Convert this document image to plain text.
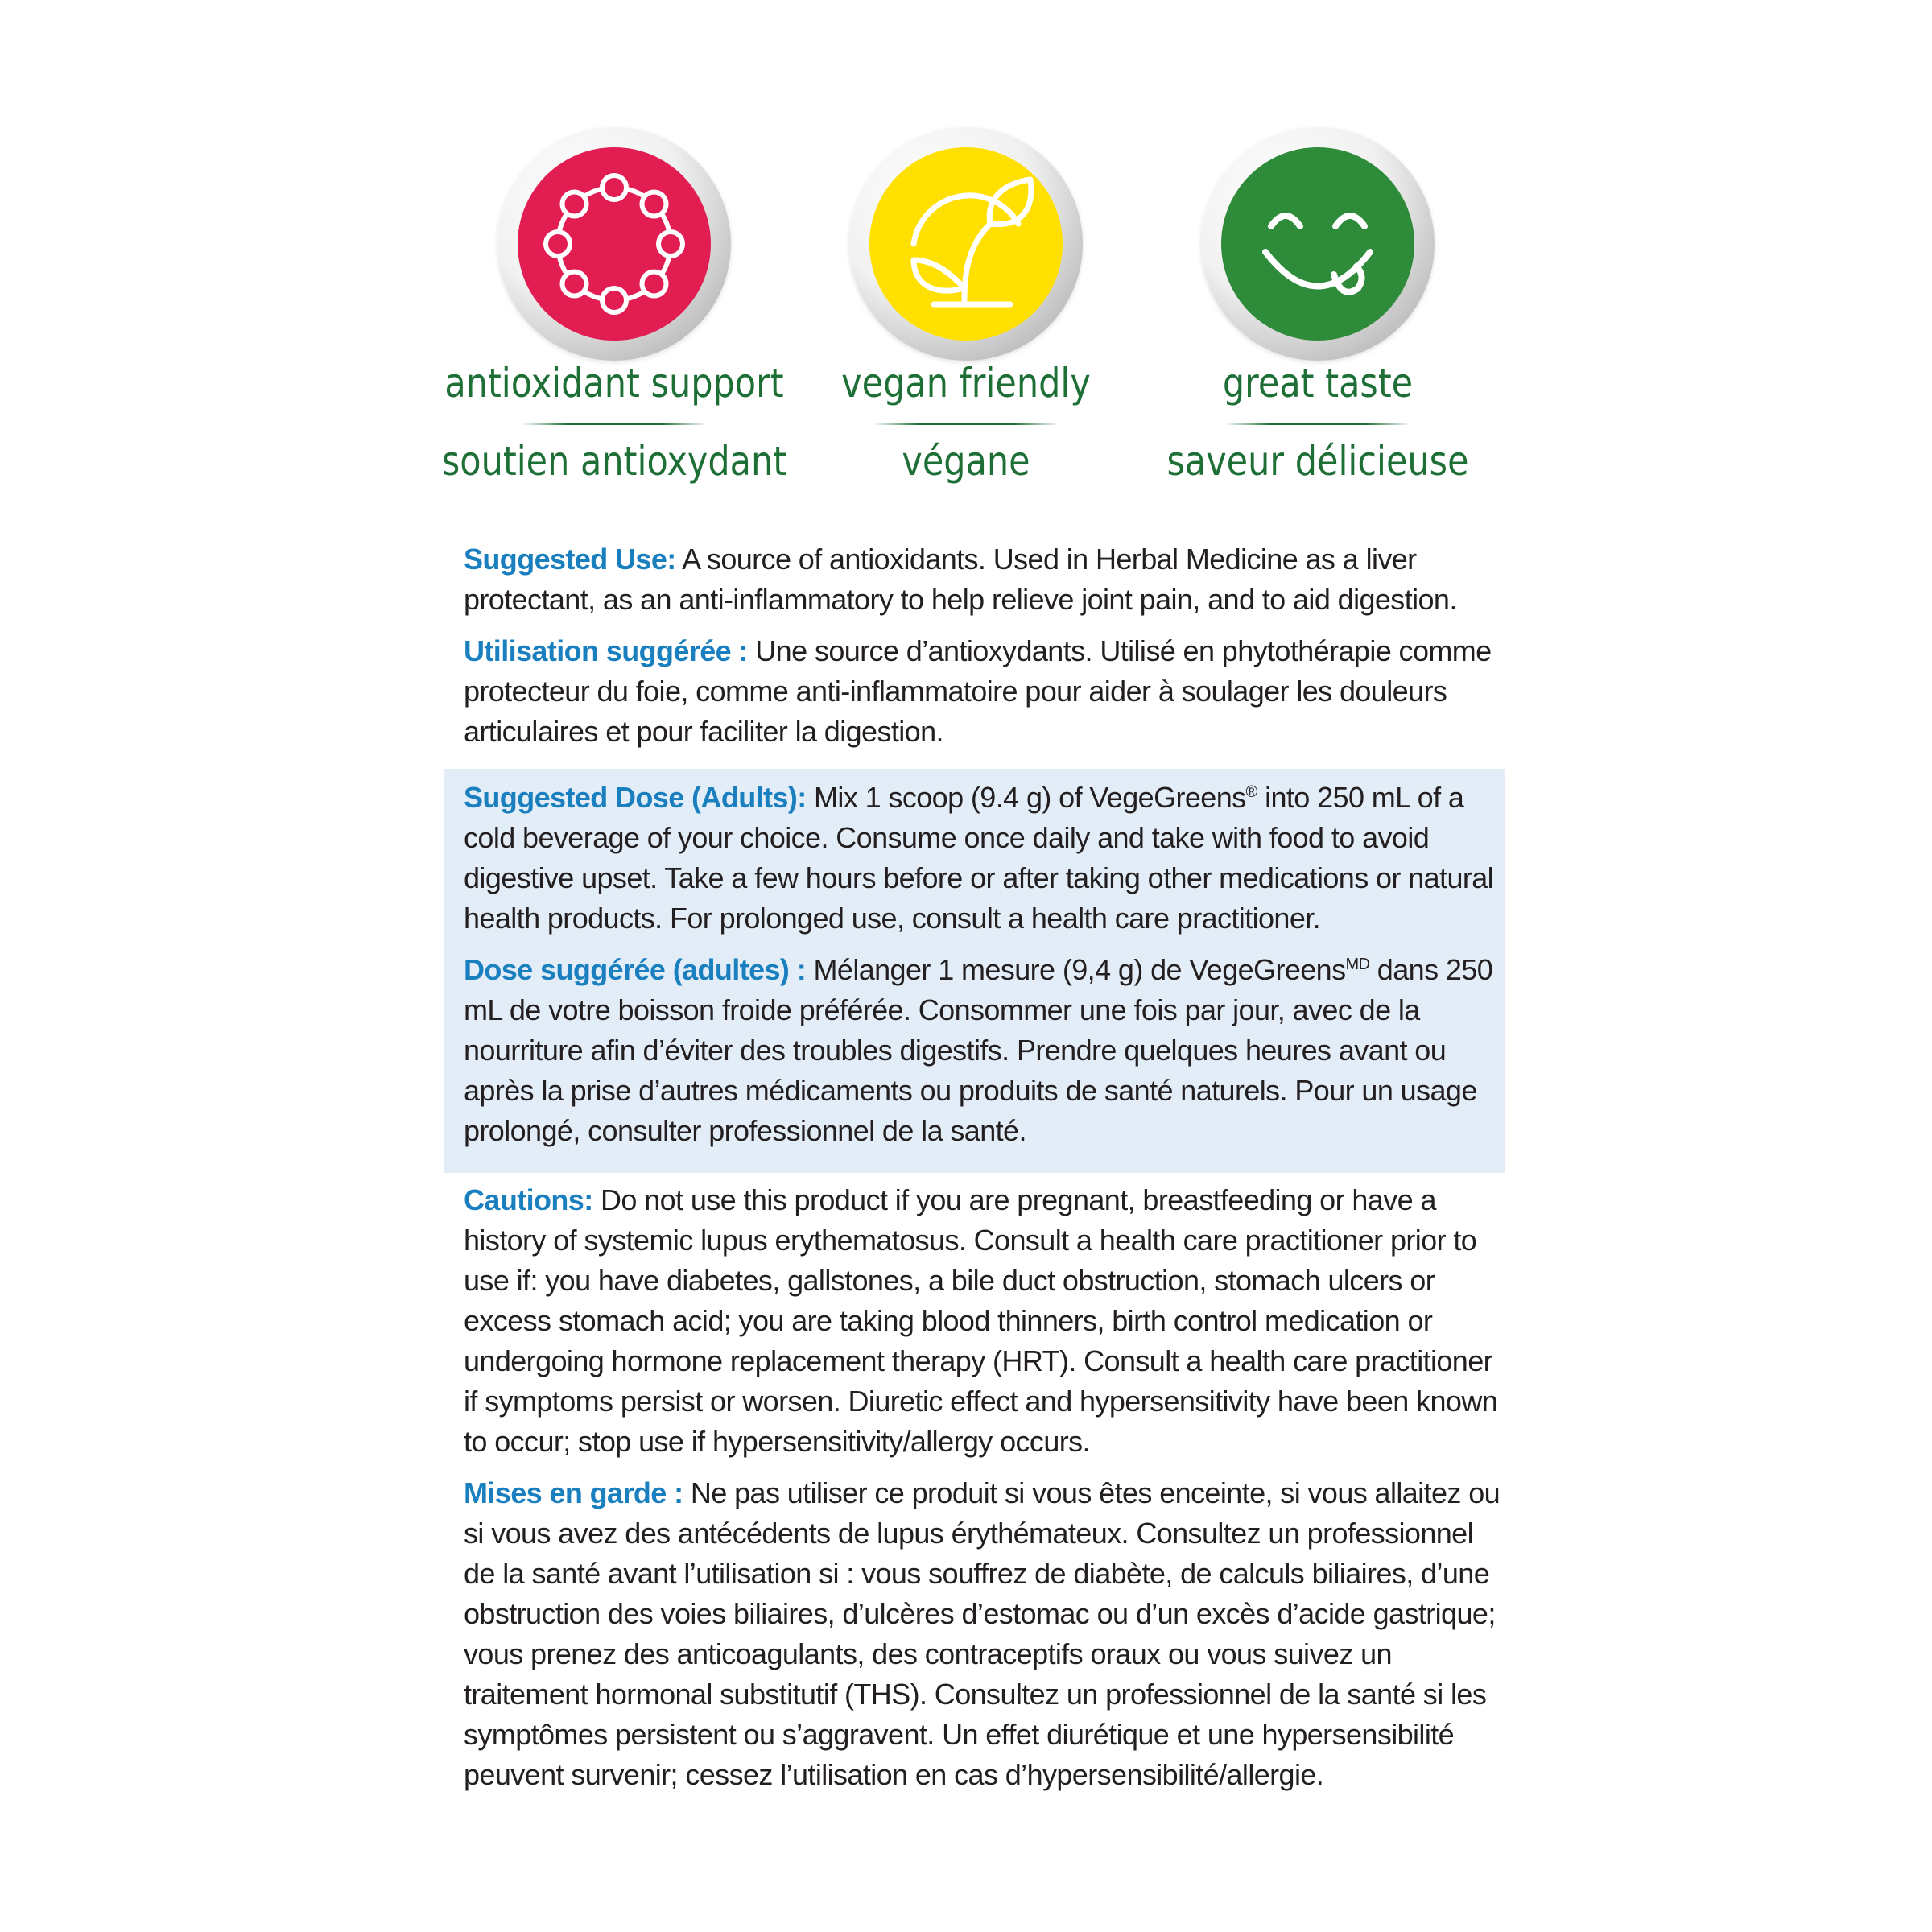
antioxidant support
soutien antioxydant
vegan friendly
végane
great taste
saveur délicieuse

Suggested Use: A source of antioxidants. Used in Herbal Medicine as a liver protectant, as an anti-inflammatory to help relieve joint pain, and to aid digestion.

Utilisation suggérée : Une source d’antioxydants. Utilisé en phytothérapie comme protecteur du foie, comme anti-inflammatoire pour aider à soulager les douleurs articulaires et pour faciliter la digestion.

Suggested Dose (Adults): Mix 1 scoop (9.4 g) of VegeGreens® into 250 mL of a cold beverage of your choice. Consume once daily and take with food to avoid digestive upset. Take a few hours before or after taking other medications or natural health products. For prolonged use, consult a health care practitioner.

Dose suggérée (adultes) : Mélanger 1 mesure (9,4 g) de VegeGreens$^{MD}$ dans 250 mL de votre boisson froide préférée. Consommer une fois par jour, avec de la nourriture afin d’éviter des troubles digestifs. Prendre quelques heures avant ou après la prise d’autres médicaments ou produits de santé naturels. Pour un usage prolongé, consulter professionnel de la santé.

Cautions: Do not use this product if you are pregnant, breastfeeding or have a history of systemic lupus erythematosus. Consult a health care practitioner prior to use if: you have diabetes, gallstones, a bile duct obstruction, stomach ulcers or excess stomach acid; you are taking blood thinners, birth control medication or undergoing hormone replacement therapy (HRT). Consult a health care practitioner if symptoms persist or worsen. Diuretic effect and hypersensitivity have been known to occur; stop use if hypersensitivity/allergy occurs.

Mises en garde : Ne pas utiliser ce produit si vous êtes enceinte, si vous allaitez ou si vous avez des antécédents de lupus érythémateux. Consultez un professionnel de la santé avant l’utilisation si : vous souffrez de diabète, de calculs biliaires, d’une obstruction des voies biliaires, d’ulcères d’estomac ou d’un excès d’acide gastrique; vous prenez des anticoagulants, des contraceptifs oraux ou vous suivez un traitement hormonal substitutif (THS). Consultez un professionnel de la santé si les symptômes persistent ou s’aggravent. Un effet diurétique et une hypersensibilité peuvent survenir; cessez l’utilisation en cas d’hypersensibilité/allergie.
